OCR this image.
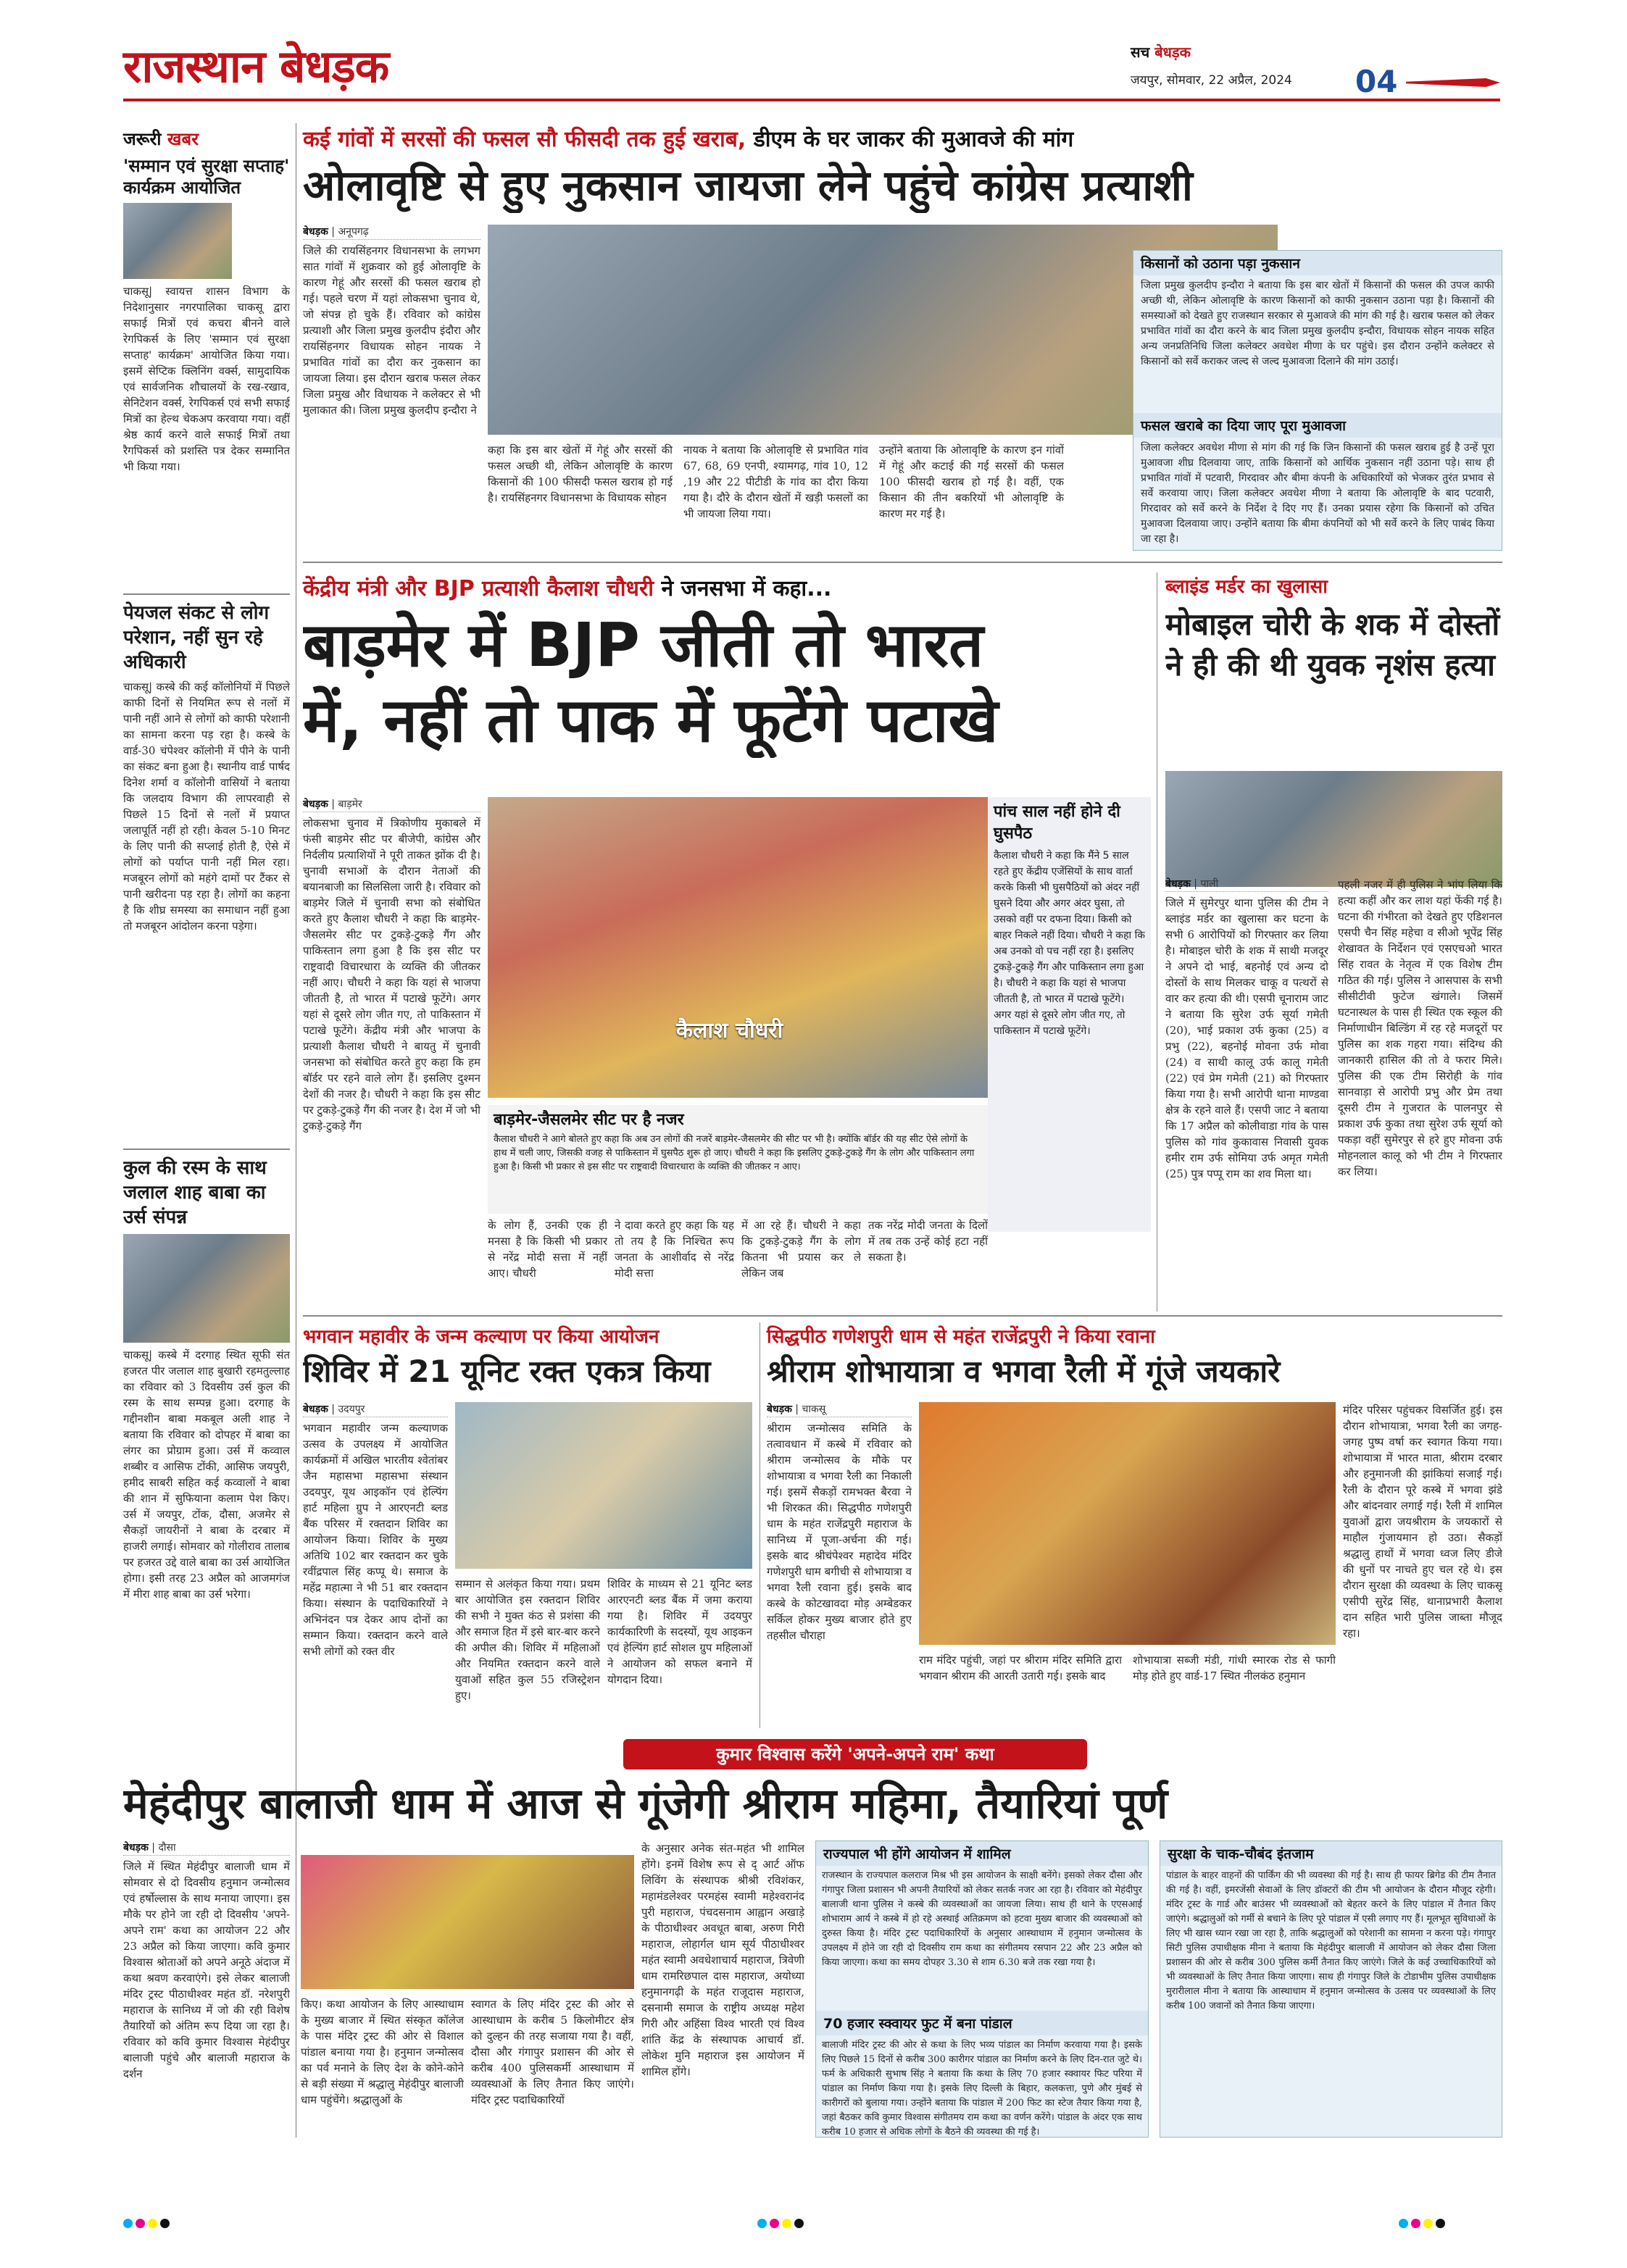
राजस्थान बेधड़क	सच बेधड़क
जयपुर, सोमवार, 22 अप्रैल, 2024 04
जरूरी खबर
'सम्मान एवं सुरक्षा सप्ताह' कार्यक्रम आयोजित
चाकसू| स्वायत्त शासन विभाग के निदेशानुसार नगरपालिका चाकसू द्वारा सफाई मित्रों एवं कचरा बीनने वाले रेगपिकर्स के लिए 'सम्मान एवं सुरक्षा सप्ताह' कार्यक्रम' आयोजित किया गया। इसमें सेप्टिक क्लिनिंग वर्क्स, सामुदायिक एवं सार्वजनिक शौचालयों के रख-रखाव, सेनिटेशन वर्क्स, रेगपिकर्स एवं सभी सफाई मित्रों का हेल्थ चेकअप करवाया गया। वहीं श्रेष्ठ कार्य करने वाले सफाई मित्रों तथा रैगपिकर्स को प्रशस्ति पत्र देकर सम्मानित भी किया गया।
पेयजल संकट से लोग परेशान, नहीं सुन रहे अधिकारी
चाकसू| कस्बे की कई कॉलोनियों में पिछले काफी दिनों से नियमित रूप से नलों में पानी नहीं आने से लोगों को काफी परेशानी का सामना करना पड़ रहा है। कस्बे के वार्ड-30 चंपेश्वर कॉलोनी में पीने के पानी का संकट बना हुआ है। स्थानीय वार्ड पार्षद दिनेश शर्मा व कॉलोनी वासियों ने बताया कि जलदाय विभाग की लापरवाही से पिछले 15 दिनों से नलों में प्रयाप्त जलापूर्ति नहीं हो रही। केवल 5-10 मिनट के लिए पानी की सप्लाई होती है, ऐसे में लोगों को पर्याप्त पानी नहीं मिल रहा। मजबूरन लोगों को महंगे दामों पर टैंकर से पानी खरीदना पड़ रहा है। लोगों का कहना है कि शीघ्र समस्या का समाधान नहीं हुआ तो मजबूरन आंदोलन करना पड़ेगा।
कुल की रस्म के साथ जलाल शाह बाबा का उर्स संपन्न
चाकसू| कस्बे में दरगाह स्थित सूफी संत हजरत पीर जलाल शाह बुखारी रहमतुल्लाह का रविवार को 3 दिवसीय उर्स कुल की रस्म के साथ सम्पन्न हुआ। दरगाह के गद्दीनशीन बाबा मकबूल अली शाह ने बताया कि रविवार को दोपहर में बाबा का लंगर का प्रोग्राम हुआ। उर्स में कव्वाल शब्बीर व आसिफ टोंकी, आसिफ जयपुरी, हमीद साबरी सहित कई कव्वालों ने बाबा की शान में सुफियाना कलाम पेश किए। उर्स में जयपुर, टोंक, दौसा, अजमेर से सैकड़ों जायरीनों ने बाबा के दरबार में हाजरी लगाई। सोमवार को गोलीराव तालाब पर हजरत उद्दे वाले बाबा का उर्स आयोजित होगा। इसी तरह 23 अप्रैल को आजमगंज में मीरा शाह बाबा का उर्स भरेगा।
कई गांवों में सरसों की फसल सौ फीसदी तक हुई खराब, डीएम के घर जाकर की मुआवजे की मांग
ओलावृष्टि से हुए नुकसान जायजा लेने पहुंचे कांग्रेस प्रत्याशी
बेधड़क | अनूपगढ़
जिले की रायसिंहनगर विधानसभा के लगभग सात गांवों में शुक्रवार को हुई ओलावृष्टि के कारण गेहूं और सरसों की फसल खराब हो गई। पहले चरण में यहां लोकसभा चुनाव थे, जो संपन्न हो चुके हैं। रविवार को कांग्रेस प्रत्याशी और जिला प्रमुख कुलदीप इंदौरा और रायसिंहनगर विधायक सोहन नायक ने प्रभावित गांवों का दौरा कर नुकसान का जायजा लिया। इस दौरान खराब फसल लेकर जिला प्रमुख और विधायक ने कलेक्टर से भी मुलाकात की। जिला प्रमुख कुलदीप इन्दौरा ने
कहा कि इस बार खेतों में गेहूं और सरसों की फसल अच्छी थी, लेकिन ओलावृष्टि के कारण किसानों की 100 फीसदी फसल खराब हो गई है। रायसिंहनगर विधानसभा के विधायक सोहन
नायक ने बताया कि ओलावृष्टि से प्रभावित गांव 67, 68, 69 एनपी, श्यामगढ़, गांव 10, 12 ,19 और 22 पीटीडी के गांव का दौरा किया गया है। दौरे के दौरान खेतों में खड़ी फसलों का भी जायजा लिया गया।
उन्होंने बताया कि ओलावृष्टि के कारण इन गांवों में गेहूं और कटाई की गई सरसों की फसल 100 फीसदी खराब हो गई है। वहीं, एक किसान की तीन बकरियों भी ओलावृष्टि के कारण मर गई है।
किसानों को उठाना पड़ा नुकसान
जिला प्रमुख कुलदीप इन्दौरा ने बताया कि इस बार खेतों में किसानों की फसल की उपज काफी अच्छी थी, लेकिन ओलावृष्टि के कारण किसानों को काफी नुकसान उठाना पड़ा है। किसानों की समस्याओं को देखते हुए राजस्थान सरकार से मुआवजे की मांग की गई है। खराब फसल को लेकर प्रभावित गांवों का दौरा करने के बाद जिला प्रमुख कुलदीप इन्दौरा, विधायक सोहन नायक सहित अन्य जनप्रतिनिधि जिला कलेक्टर अवधेश मीणा के घर पहुंचे। इस दौरान उन्होंने कलेक्टर से किसानों को सर्वे कराकर जल्द से जल्द मुआवजा दिलाने की मांग उठाई।
फसल खराबे का दिया जाए पूरा मुआवजा
जिला कलेक्टर अवधेश मीणा से मांग की गई कि जिन किसानों की फसल खराब हुई है उन्हें पूरा मुआवजा शीघ्र दिलवाया जाए, ताकि किसानों को आर्थिक नुकसान नहीं उठाना पड़े। साथ ही प्रभावित गांवों में पटवारी, गिरदावर और बीमा कंपनी के अधिकारियों को भेजकर तुरंत प्रभाव से सर्वे करवाया जाए। जिला कलेक्टर अवधेश मीणा ने बताया कि ओलावृष्टि के बाद पटवारी, गिरदावर को सर्वे करने के निर्देश दे दिए गए हैं। उनका प्रयास रहेगा कि किसानों को उचित मुआवजा दिलवाया जाए। उन्होंने बताया कि बीमा कंपनियों को भी सर्वे करने के लिए पाबंद किया जा रहा है।
केंद्रीय मंत्री और BJP प्रत्याशी कैलाश चौधरी ने जनसभा में कहा...
बाड़मेर में BJP जीती तो भारत
में, नहीं तो पाक में फूटेंगे पटाखे
बेधड़क | बाड़मेर
लोकसभा चुनाव में त्रिकोणीय मुकाबले में फंसी बाड़मेर सीट पर बीजेपी, कांग्रेस और निर्दलीय प्रत्याशियों ने पूरी ताकत झोंक दी है। चुनावी सभाओं के दौरान नेताओं की बयानबाजी का सिलसिला जारी है। रविवार को बाड़मेर जिले में चुनावी सभा को संबोधित करते हुए कैलाश चौधरी ने कहा कि बाड़मेर-जैसलमेर सीट पर टुकड़े-टुकड़े गैंग और पाकिस्तान लगा हुआ है कि इस सीट पर राष्ट्रवादी विचारधारा के व्यक्ति की जीतकर नहीं आए। चौधरी ने कहा कि यहां से भाजपा जीतती है, तो भारत में पटाखे फूटेंगे। अगर यहां से दूसरे लोग जीत गए, तो पाकिस्तान में पटाखे फूटेंगे। केंद्रीय मंत्री और भाजपा के प्रत्याशी कैलाश चौधरी ने बायतु में चुनावी जनसभा को संबोधित करते हुए कहा कि हम बॉर्डर पर रहने वाले लोग हैं। इसलिए दुश्मन देशों की नजर है। चौधरी ने कहा कि इस सीट पर टुकड़े-टुकड़े गैंग की नजर है। देश में जो भी टुकड़े-टुकड़े गैंग
कैलाश चौधरी
बाड़मेर-जैसलमेर सीट पर है नजर
कैलाश चौधरी ने आगे बोलते हुए कहा कि अब उन लोगों की नजरें बाड़मेर-जैसलमेर की सीट पर भी है। क्योंकि बॉर्डर की यह सीट ऐसे लोगों के हाथ में चली जाए, जिसकी वजह से पाकिस्तान में घुसपैठ शुरू हो जाए। चौधरी ने कहा कि इसलिए टुकड़े-टुकड़े गैंग के लोग और पाकिस्तान लगा हुआ है। किसी भी प्रकार से इस सीट पर राष्ट्रवादी विचारधारा के व्यक्ति की जीतकर न आए।
पांच साल नहीं होने दी घुसपैठ
कैलाश चौधरी ने कहा कि मैंने 5 साल रहते हुए केंद्रीय एजेंसियों के साथ वार्ता करके किसी भी घुसपैठियों को अंदर नहीं घुसने दिया और अगर अंदर घुसा, तो उसको वहीं पर दफना दिया। किसी को बाहर निकले नहीं दिया। चौधरी ने कहा कि अब उनको वो पच नहीं रहा है। इसलिए टुकड़े-टुकड़े गैंग और पाकिस्तान लगा हुआ है। चौधरी ने कहा कि यहां से भाजपा जीतती है, तो भारत में पटाखे फूटेंगे। अगर यहां से दूसरे लोग जीत गए, तो पाकिस्तान में पटाखे फूटेंगे।
के लोग हैं, उनकी एक ही मनसा है कि किसी भी प्रकार से नरेंद्र मोदी सत्ता में नहीं आए। चौधरी
ने दावा करते हुए कहा कि यह तो तय है कि निश्चित रूप जनता के आशीर्वाद से नरेंद्र मोदी सत्ता
में आ रहे हैं। चौधरी ने कहा कि टुकड़े-टुकड़े गैंग के लोग कितना भी प्रयास कर ले लेकिन जब
तक नरेंद्र मोदी जनता के दिलों में तब तक उन्हें कोई हटा नहीं सकता है।
ब्लाइंड मर्डर का खुलासा
मोबाइल चोरी के शक में दोस्तों ने ही की थी युवक नृशंस हत्या
बेधड़क | पाली
जिले में सुमेरपुर थाना पुलिस की टीम ने ब्लाइंड मर्डर का खुलासा कर घटना के सभी 6 आरोपियों को गिरफ्तार कर लिया है। मोबाइल चोरी के शक में साथी मजदूर ने अपने दो भाई, बहनोई एवं अन्य दो दोस्तों के साथ मिलकर चाकू व पत्थरों से वार कर हत्या की थी। एसपी चूनाराम जाट ने बताया कि सुरेश उर्फ सूर्या गमेती (20), भाई प्रकाश उर्फ कुका (25) व प्रभु (22), बहनोई मोवना उर्फ मोवा (24) व साथी कालू उर्फ कालू गमेती (22) एवं प्रेम गमेती (21) को गिरफ्तार किया गया है। सभी आरोपी थाना माण्डवा क्षेत्र के रहने वाले हैं। एसपी जाट ने बताया कि 17 अप्रैल को कोलीवाडा गांव के पास पुलिस को गांव कुकावास निवासी युवक हमीर राम उर्फ सोमिया उर्फ अमृत गमेती (25) पुत्र पप्पू राम का शव मिला था।
पहली नजर में ही पुलिस ने भांप लिया कि हत्या कहीं और कर लाश यहां फेंकी गई है। घटना की गंभीरता को देखते हुए एडिशनल एसपी चैन सिंह महेचा व सीओ भूपेंद्र सिंह शेखावत के निर्देशन एवं एसएचओ भारत सिंह रावत के नेतृत्व में एक विशेष टीम गठित की गई। पुलिस ने आसपास के सभी सीसीटीवी फुटेज खंगाले। जिसमें घटनास्थल के पास ही स्थित एक स्कूल की निर्माणाधीन बिल्डिंग में रह रहे मजदूरों पर पुलिस का शक गहरा गया। संदिग्ध की जानकारी हासिल की तो वे फरार मिले। पुलिस की एक टीम सिरोही के गांव सानवाड़ा से आरोपी प्रभु और प्रेम तथा दूसरी टीम ने गुजरात के पालनपुर से प्रकाश उर्फ कुका तथा सुरेश उर्फ सूर्या को पकड़ा वहीं सुमेरपुर से हरे हुए मोवना उर्फ मोहनलाल कालू को भी टीम ने गिरफ्तार कर लिया।
भगवान महावीर के जन्म कल्याण पर किया आयोजन
शिविर में 21 यूनिट रक्त एकत्र किया
बेधड़क | उदयपुर
भगवान महावीर जन्म कल्याणक उत्सव के उपलक्ष्य में आयोजित कार्यक्रमों में अखिल भारतीय श्वेतांबर जैन महासभा महासभा संस्थान उदयपुर, यूथ आइकॉन एवं हेल्पिंग हार्ट महिला ग्रुप ने आरएनटी ब्लड बैंक परिसर में रक्तदान शिविर का आयोजन किया। शिविर के मुख्य अतिथि 102 बार रक्तदान कर चुके रवींद्रपाल सिंह कप्पू थे। समाज के महेंद्र महात्मा ने भी 51 बार रक्तदान किया। संस्थान के पदाधिकारियों ने अभिनंदन पत्र देकर आप दोनों का सम्मान किया। रक्तदान करने वाले सभी लोगों को रक्त वीर
सम्मान से अलंकृत किया गया। प्रथम बार आयोजित इस रक्तदान शिविर की सभी ने मुक्त कंठ से प्रशंसा की और समाज हित में इसे बार-बार करने की अपील की। शिविर में महिलाओं और नियमित रक्तदान करने वाले युवाओं सहित कुल 55 रजिस्ट्रेशन हुए।
शिविर के माध्यम से 21 यूनिट ब्लड आरएनटी ब्लड बैंक में जमा कराया गया है। शिविर में उदयपुर कार्यकारिणी के सदस्यों, यूथ आइकन एवं हेल्पिंग हार्ट सोशल ग्रुप महिलाओं ने आयोजन को सफल बनाने में योगदान दिया।
सिद्धपीठ गणेशपुरी धाम से महंत राजेंद्रपुरी ने किया रवाना
श्रीराम शोभायात्रा व भगवा रैली में गूंजे जयकारे
बेधड़क | चाकसू
श्रीराम जन्मोत्सव समिति के तत्वावधान में कस्बे में रविवार को श्रीराम जन्मोत्सव के मौके पर शोभायात्रा व भगवा रैली का निकाली गई। इसमें सैकड़ों रामभक्त बैरवा ने भी शिरकत की। सिद्धपीठ गणेशपुरी धाम के महंत राजेंद्रपुरी महाराज के सानिध्य में पूजा-अर्चना की गई। इसके बाद श्रीचंपेश्वर महादेव मंदिर गणेशपुरी धाम बगीची से शोभायात्रा व भगवा रैली रवाना हुई। इसके बाद कस्बे के कोटखावदा मोड़ अम्बेडकर सर्किल होकर मुख्य बाजार होते हुए तहसील चौराहा
राम मंदिर पहुंची, जहां पर श्रीराम मंदिर समिति द्वारा भगवान श्रीराम की आरती उतारी गई। इसके बाद
शोभायात्रा सब्जी मंडी, गांधी स्मारक रोड से फागी मोड़ होते हुए वार्ड-17 स्थित नीलकंठ हनुमान
मंदिर परिसर पहुंचकर विसर्जित हुई। इस दौरान शोभायात्रा, भगवा रैली का जगह-जगह पुष्प वर्षा कर स्वागत किया गया। शोभायात्रा में भारत माता, श्रीराम दरबार और हनुमानजी की झांकियां सजाई गई। रैली के दौरान पूरे कस्बे में भगवा झंडे और बांदनवार लगाई गई। रैली में शामिल युवाओं द्वारा जयश्रीराम के जयकारों से माहौल गुंजायमान हो उठा। सैकड़ों श्रद्धालु हाथों में भगवा ध्वज लिए डीजे की धुनों पर नाचते हुए चल रहे थे। इस दौरान सुरक्षा की व्यवस्था के लिए चाकसू एसीपी सुरेंद्र सिंह, थानाप्रभारी कैलाश दान सहित भारी पुलिस जाब्ता मौजूद रहा।
कुमार विश्वास करेंगे 'अपने-अपने राम' कथा
मेहंदीपुर बालाजी धाम में आज से गूंजेगी श्रीराम महिमा, तैयारियां पूर्ण
बेधड़क | दौसा
जिले में स्थित मेहंदीपुर बालाजी धाम में सोमवार से दो दिवसीय हनुमान जन्मोत्सव एवं हर्षोल्लास के साथ मनाया जाएगा। इस मौके पर होने जा रही दो दिवसीय 'अपने-अपने राम' कथा का आयोजन 22 और 23 अप्रैल को किया जाएगा। कवि कुमार विश्वास श्रोताओं को अपने अनूठे अंदाज में कथा श्रवण करवाएंगे। इसे लेकर बालाजी मंदिर ट्रस्ट पीठाधीश्वर महंत डॉ. नरेशपुरी महाराज के सानिध्य में जो की रही विशेष तैयारियों को अंतिम रूप दिया जा रहा है। रविवार को कवि कुमार विश्वास मेहंदीपुर बालाजी पहुंचे और बालाजी महाराज के दर्शन
किए। कथा आयोजन के लिए आस्थाधाम के मुख्य बाजार में स्थित संस्कृत कॉलेज के पास मंदिर ट्रस्ट की ओर से विशाल पांडाल बनाया गया है। हनुमान जन्मोत्सव का पर्व मनाने के लिए देश के कोने-कोने से बड़ी संख्या में श्रद्धालु मेहंदीपुर बालाजी धाम पहुंचेंगे। श्रद्धालुओं के
स्वागत के लिए मंदिर ट्रस्ट की ओर से आस्थाधाम के करीब 5 किलोमीटर क्षेत्र को दुल्हन की तरह सजाया गया है। वहीं, दौसा और गंगापुर प्रशासन की ओर से करीब 400 पुलिसकर्मी आस्थाधाम में व्यवस्थाओं के लिए तैनात किए जाएंगे। मंदिर ट्रस्ट पदाधिकारियों
के अनुसार अनेक संत-महंत भी शामिल होंगे। इनमें विशेष रूप से द् आर्ट ऑफ लिविंग के संस्थापक श्रीश्री रविशंकर, महामंडलेश्वर परमहंस स्वामी महेश्वरानंद पुरी महाराज, पंचदसनाम आह्वान अखाड़े के पीठाधीश्वर अवधूत बाबा, अरुण गिरी महाराज, लोहार्गल धाम सूर्य पीठाधीश्वर महंत स्वामी अवधेशाचार्य महाराज, त्रिवेणी धाम रामरिछपाल दास महाराज, अयोध्या हनुमानगढ़ी के महंत राजूदास महाराज, दसनामी समाज के राष्ट्रीय अध्यक्ष महेश गिरी और अहिंसा विश्व भारती एवं विश्व शांति केंद्र के संस्थापक आचार्य डॉ. लोकेश मुनि महाराज इस आयोजन में शामिल होंगे।
राज्यपाल भी होंगे आयोजन में शामिल
राजस्थान के राज्यपाल कलराज मिश्र भी इस आयोजन के साक्षी बनेंगे। इसको लेकर दौसा और गंगापुर जिला प्रशासन भी अपनी तैयारियों को लेकर सतर्क नजर आ रहा है। रविवार को मेहंदीपुर बालाजी थाना पुलिस ने कस्बे की व्यवस्थाओं का जायजा लिया। साथ ही थाने के एएसआई शोभाराम आर्य ने कस्बे में हो रहे अस्थाई अतिक्रमण को हटवा मुख्य बाजार की व्यवस्थाओं को दुरुस्त किया है। मंदिर ट्रस्ट पदाधिकारियों के अनुसार आस्थाधाम में हनुमान जन्मोत्सव के उपलक्ष्य में होने जा रही दो दिवसीय राम कथा का संगीतमय रसपान 22 और 23 अप्रैल को किया जाएगा। कथा का समय दोपहर 3.30 से शाम 6.30 बजे तक रखा गया है।
70 हजार स्क्वायर फुट में बना पांडाल
बालाजी मंदिर ट्रस्ट की ओर से कथा के लिए भव्य पांडाल का निर्माण करवाया गया है। इसके लिए पिछले 15 दिनों से करीब 300 कारीगर पांडाल का निर्माण करने के लिए दिन-रात जुटे थे। फर्म के अधिकारी सुभाष सिंह ने बताया कि कथा के लिए 70 हजार स्क्वायर फिट परिया में पांडाल का निर्माण किया गया है। इसके लिए दिल्ली के बिहार, कलकत्ता, पुणे और मुंबई से कारीगरों को बुलाया गया। उन्होंने बताया कि पांडाल में 200 फिट का स्टेज तैयार किया गया है, जहां बैठकर कवि कुमार विश्वास संगीतमय राम कथा का वर्णन करेंगे। पांडाल के अंदर एक साथ करीब 10 हजार से अधिक लोगों के बैठने की व्यवस्था की गई है।
सुरक्षा के चाक-चौबंद इंतजाम
पांडाल के बाहर वाहनों की पार्किंग की भी व्यवस्था की गई है। साथ ही फायर ब्रिगेड की टीम तैनात की गई है। वहीं, इमरजेंसी सेवाओं के लिए डॉक्टरों की टीम भी आयोजन के दौरान मौजूद रहेगी। मंदिर ट्रस्ट के गार्ड और बाउंसर भी व्यवस्थाओं को बेहतर करने के लिए पांडाल में तैनात किए जाएंगे। श्रद्धालुओं को गर्मी से बचाने के लिए पूरे पांडाल में एसी लगाए गए हैं। मूलभूत सुविधाओं के लिए भी खास ध्यान रखा जा रहा है, ताकि श्रद्धालुओं को परेशानी का सामना न करना पड़े। गंगापुर सिटी पुलिस उपाधीक्षक मीना ने बताया कि मेहंदीपुर बालाजी में आयोजन को लेकर दौसा जिला प्रशासन की ओर से करीब 300 पुलिस कर्मी तैनात किए जाएंगे। जिले के कई उच्चाधिकारियों को भी व्यवस्थाओं के लिए तैनात किया जाएगा। साथ ही गंगापुर जिले के टोडाभीम पुलिस उपाधीक्षक मुरारीलाल मीना ने बताया कि आस्थाधाम में हनुमान जन्मोत्सव के उत्सव पर व्यवस्थाओं के लिए करीब 100 जवानों को तैनात किया जाएगा।
